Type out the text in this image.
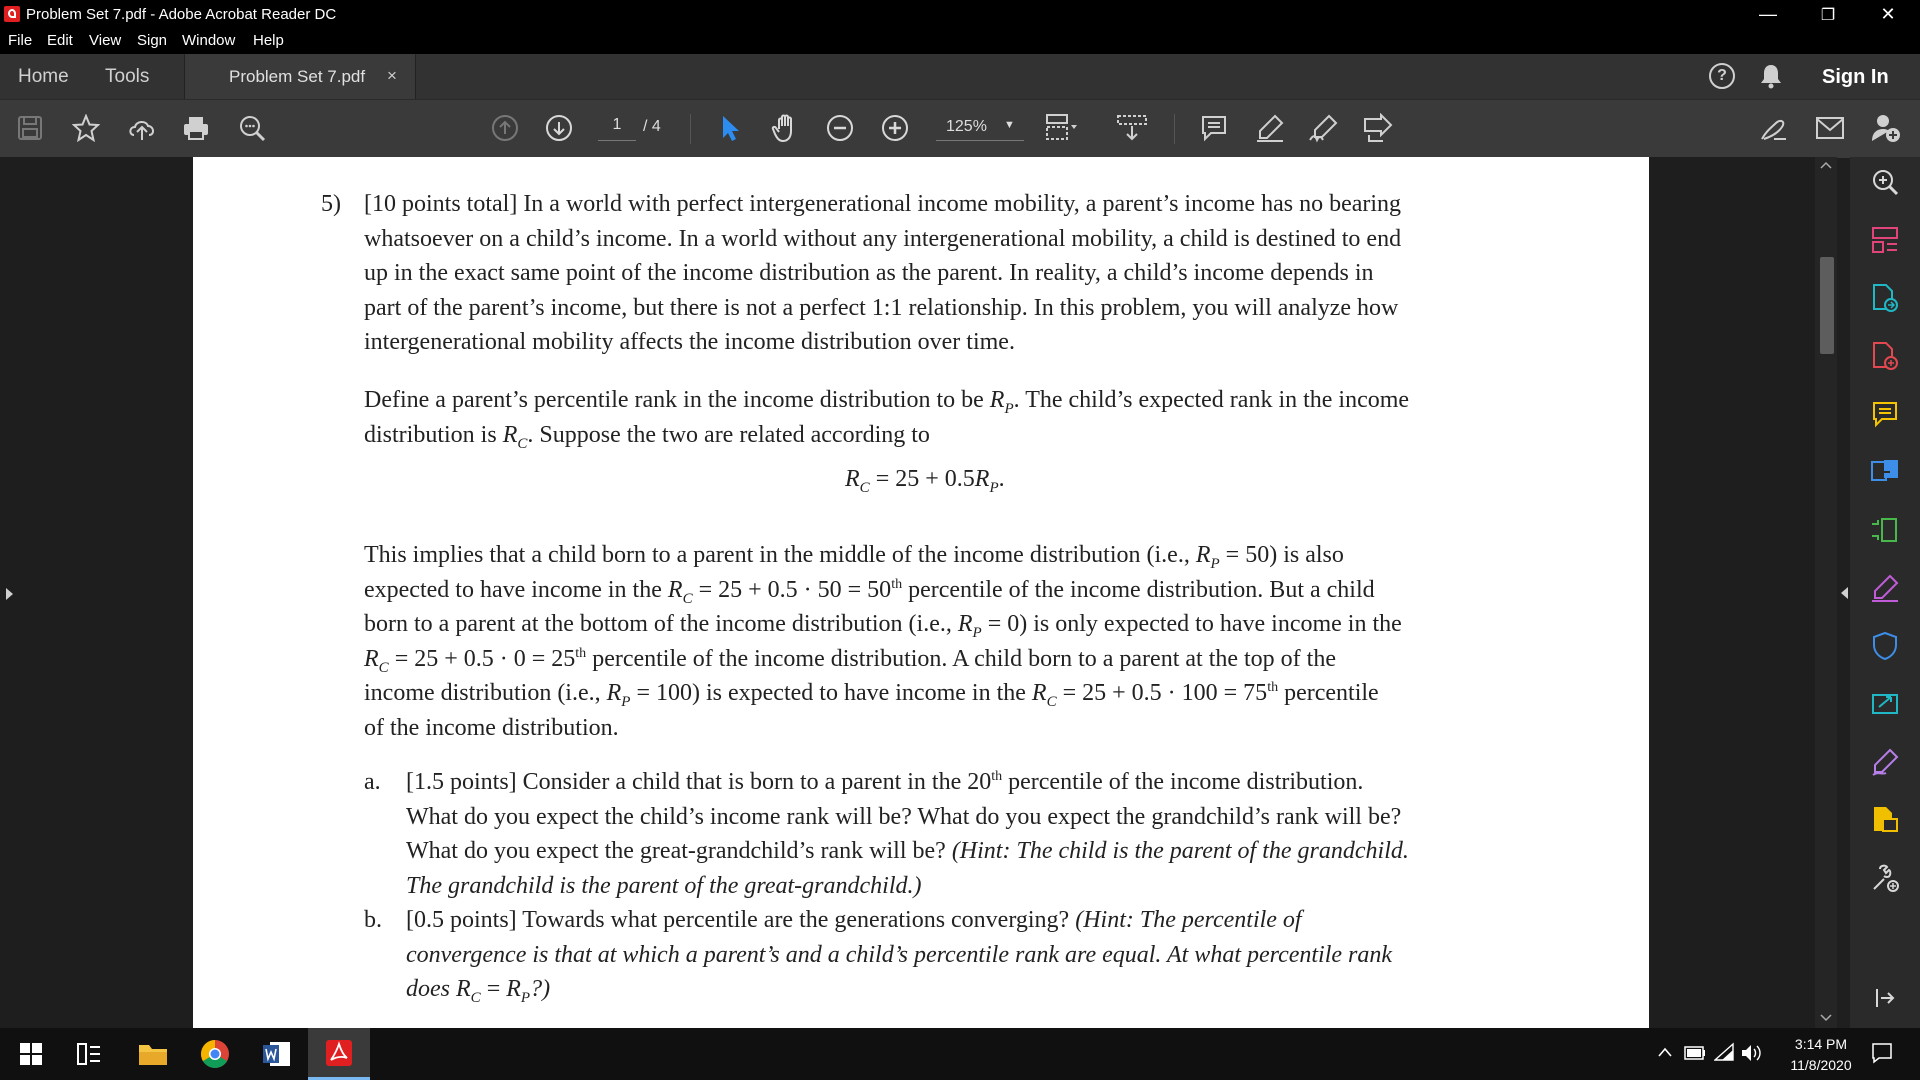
Problem Set 7.pdf - Adobe Acrobat Reader DC	—	❐	✕
File Edit View Sign Window Help
Home Tools	Problem Set 7.pdf ×	?	Sign In
1	/ 4	125% ▼
5) [10 points total] In a world with perfect intergenerational income mobility, a parent’s income has no bearing
whatsoever on a child’s income. In a world without any intergenerational mobility, a child is destined to end
up in the exact same point of the income distribution as the parent. In reality, a child’s income depends in
part of the parent’s income, but there is not a perfect 1:1 relationship. In this problem, you will analyze how
intergenerational mobility affects the income distribution over time.
Define a parent’s percentile rank in the income distribution to be $R_P$. The child’s expected rank in the income
distribution is $R_C$. Suppose the two are related according to
$R_C = 25 + 0.5R_P$.
This implies that a child born to a parent in the middle of the income distribution (i.e., $R_P = 50$) is also
expected to have income in the $R_C = 25 + 0.5 \cdot 50 = 50th$ percentile of the income distribution. But a child
born to a parent at the bottom of the income distribution (i.e., $R_P = 0$) is only expected to have income in the
$R_C = 25 + 0.5 \cdot 0 = 25th$ percentile of the income distribution. A child born to a parent at the top of the
income distribution (i.e., $R_P = 100$) is expected to have income in the $R_C = 25 + 0.5 \cdot 100 = 75th$ percentile
of the income distribution.
a. [1.5 points] Consider a child that is born to a parent in the 20th percentile of the income distribution.
What do you expect the child’s income rank will be? What do you expect the grandchild’s rank will be?
What do you expect the great-grandchild’s rank will be? (Hint: The child is the parent of the grandchild.
The grandchild is the parent of the great-grandchild.)
b. [0.5 points] Towards what percentile are the generations converging? (Hint: The percentile of
convergence is that at which a parent’s and a child’s percentile rank are equal. At what percentile rank
does $R_C$ = $R_P$?)
3:14 PM
11/8/2020
